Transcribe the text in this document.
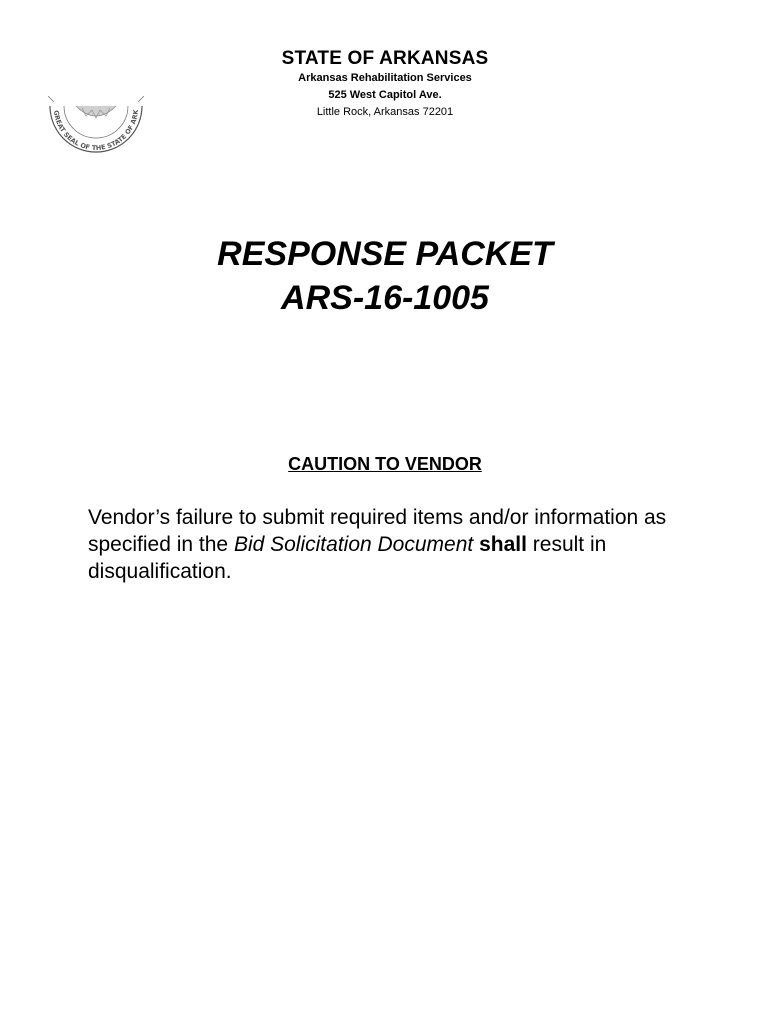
GREAT SEAL OF THE STATE OF ARK
STATE OF ARKANSAS
Arkansas Rehabilitation Services
525 West Capitol Ave.
Little Rock, Arkansas 72201
RESPONSE PACKET
ARS-16-1005
CAUTION TO VENDOR
Vendor’s failure to submit required items and/or information as specified in the Bid Solicitation Document shall result in disqualification.
